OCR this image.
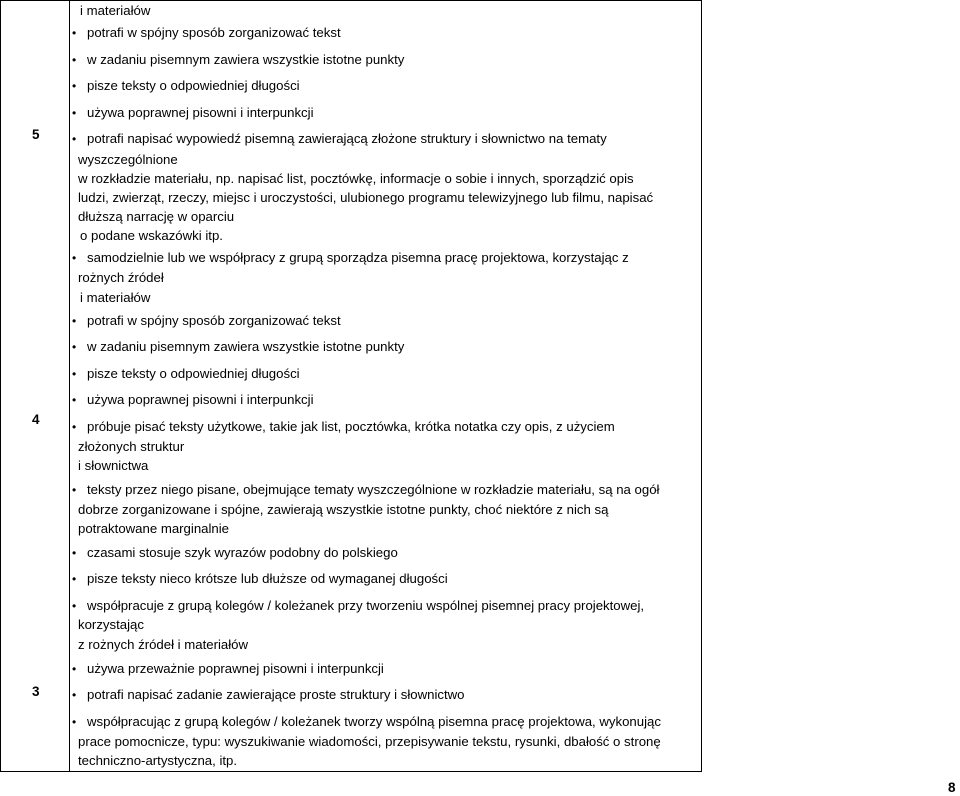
5
4
3
i materiałów
• potrafi w spójny sposób zorganizować tekst
• w zadaniu pisemnym zawiera wszystkie istotne punkty
• pisze teksty o odpowiedniej długości
• używa poprawnej pisowni i interpunkcji
• potrafi napisać wypowiedź pisemną zawierającą złożone struktury i słownictwo na tematy
wyszczególnione
w rozkładzie materiału, np. napisać list, pocztówkę, informacje o sobie i innych, sporządzić opis
ludzi, zwierząt, rzeczy, miejsc i uroczystości, ulubionego programu telewizyjnego lub filmu, napisać
dłuższą narrację w oparciu
o podane wskazówki itp.
• samodzielnie lub we współpracy z grupą sporządza pisemna pracę projektowa, korzystając z
rożnych źródeł
i materiałów
• potrafi w spójny sposób zorganizować tekst
• w zadaniu pisemnym zawiera wszystkie istotne punkty
• pisze teksty o odpowiedniej długości
• używa poprawnej pisowni i interpunkcji
• próbuje pisać teksty użytkowe, takie jak list, pocztówka, krótka notatka czy opis, z użyciem
złożonych struktur
i słownictwa
• teksty przez niego pisane, obejmujące tematy wyszczególnione w rozkładzie materiału, są na ogół
dobrze zorganizowane i spójne, zawierają wszystkie istotne punkty, choć niektóre z nich są
potraktowane marginalnie
• czasami stosuje szyk wyrazów podobny do polskiego
• pisze teksty nieco krótsze lub dłuższe od wymaganej długości
• współpracuje z grupą kolegów / koleżanek przy tworzeniu wspólnej pisemnej pracy projektowej,
korzystając
z rożnych źródeł i materiałów
• używa przeważnie poprawnej pisowni i interpunkcji
• potrafi napisać zadanie zawierające proste struktury i słownictwo
• współpracując z grupą kolegów / koleżanek tworzy wspólną pisemna pracę projektowa, wykonując
prace pomocnicze, typu: wyszukiwanie wiadomości, przepisywanie tekstu, rysunki, dbałość o stronę
techniczno-artystyczna, itp.
8
